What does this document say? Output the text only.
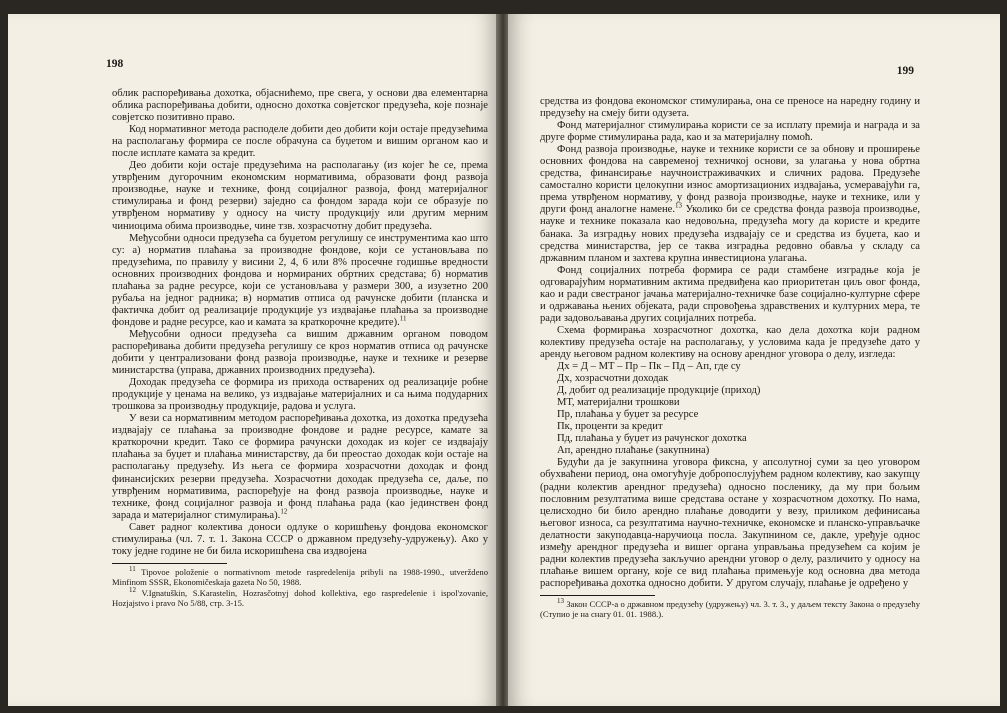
198

облик распоређивања дохотка, објаснићемо, пре свега, у основи два елементарна облика распоређивања добити, односно дохотка совјетског предузећа, које познаје совјетско позитивно право.

Код нормативног метода расподеле добити део добити који остаје предузећима на располагању формира се после обрачуна са буџетом и вишим органом као и после исплате камата за кредит.

Део добити који остаје предузећима на располагању (из којег ће се, према утврђеним дугорочним економским нормативима, образовати фонд развоја производње, науке и технике, фонд социјалног развоја, фонд материјалног стимулирања и фонд резерви) заједно са фондом зарада који се образује по утврђеном нормативу у односу на чисту продукцију или другим мерним чиниоцима обима производње, чине тзв. хозрасчотну добит предузећа.

Међусобни односи предузећа са буџетом регулишу се инструментима као што су: а) норматив плаћања за производне фондове, који се установљава по предузећима, по правилу у висини 2, 4, 6 или 8% просечне годишње вредности основних производних фондова и нормираних обртних средстава; б) норматив плаћања за радне ресурсе, који се установљава у размери 300, а изузетно 200 рубаља на једног радника; в) норматив отписа од рачунске добити (планска и фактичка добит од реализације продукције уз издвајање плаћања за производне фондове и радне ресурсе, као и камата за краткорочне кредите).$^{11}$

Међусобни односи предузећа са вишим државним органом поводом распоређивања добити предузећа регулишу се кроз норматив отписа од рачунске добити у централизовани фонд развоја производње, науке и технике и резерве министарства (управа, државних производних предузећа).

Доходак предузећа се формира из прихода остварених од реализације робне продукције у ценама на велико, уз издвајање материјалних и са њима подударних трошкова за производњу продукције, радова и услуга.

У вези са нормативним методом распоређивања дохотка, из дохотка предузећа издвајају се плаћања за производне фондове и радне ресурсе, камате за краткорочни кредит. Тако се формира рачунски доходак из којег се издвајају плаћања за буџет и плаћања министарству, да би преостао доходак који остаје на располагању предузећу. Из њега се формира хозрасчотни доходак и фонд финансијских резерви предузећа. Хозрасчотни доходак предузећа се, даље, по утврђеним нормативима, распоређује на фонд развоја производње, науке и технике, фонд социјалног развоја и фонд плаћања рада (као јединствен фонд зарада и материјалног стимулирања).$^{12}$

Савет радног колектива доноси одлуке о коришћењу фондова економског стимулирања (чл. 7. т. 1. Закона СССР о државном предузећу-удружењу). Ако у току једне године не би била искоришћена сва издвојена

$^{11}$ Tipovoe položenie o normativnom metode raspredelenija pribyli na 1988-1990., utverždeno Minfinom SSSR, Ekonomičeskaja gazeta No 50, 1988.

$^{12}$ V.Ignatuškin, S.Karastelin, Hozrasčotnyj dohod kollektiva, ego raspredelenie i ispol'zovanie, Hozjajstvo i pravo No 5/88, стр. 3-15.

199

средства из фондова економског стимулирања, она се преносе на наредну годину и предузећу на смеју бити одузета.

Фонд материјалног стимулирања користи се за исплату премија и награда и за друге форме стимулирања рада, као и за материјалну помоћ.

Фонд развоја производње, науке и технике користи се за обнову и проширење основних фондова на савременој техничкој основи, за улагања у нова обртна средства, финансирање научноистраживачких и сличних радова. Предузеће самостално користи целокупни износ амортизационих издвајања, усмеравајући га, према утврђеном нормативу, у фонд развоја производње, науке и технике, или у други фонд аналогне намене.$^{13}$ Уколико би се средства фонда развоја производње, науке и технике показала као недовољна, предузећа могу да користе и кредите банака. За изградњу нових предузећа издвајају се и средства из буџета, као и средства министарства, јер се таква изградња редовно обавља у складу са државним планом и захтева крупна инвестициона улагања.

Фонд социјалних потреба формира се ради стамбене изградње која је одговарајућим нормативним актима предвиђена као приоритетан циљ овог фонда, као и ради свестраног јачања материјално-техничке базе социјално-културне сфере и одржавања њених објеката, ради спровођења здравствених и културних мера, те ради задовољавања других социјалних потреба.

Схема формирања хозрасчотног дохотка, као дела дохотка који радном колективу предузећа остаје на располагању, у условима када је предузеће дато у аренду његовом радном колективу на основу арендног уговора о делу, изгледа:

Дх = Д – МТ – Пр – Пк – Пд – Ап, где су

Дх, хозрасчотни доходак

Д, добит од реализације продукције (приход)

МТ, материјални трошкови

Пр, плаћања у буџет за ресурсе

Пк, проценти за кредит

Пд, плаћања у буџет из рачунског дохотка

Ап, арендно плаћање (закупнина)

Будући да је закупнина уговора фиксна, у апсолутној суми за цео уговором обухваћени период, она омогућује добропослујућем радном колективу, као закупцу (радни колектив арендног предузећа) односно посленику, да му при бољим пословним резултатима више средстава остане у хозрасчотном дохотку. По нама, целисходно би било арендно плаћање доводити у везу, приликом дефинисања његовог износа, са резултатима научно-техничке, економске и планско-управљачке делатности закуподавца-наручиоца посла. Закупнином се, дакле, уређује однос између арендног предузећа и вишег органа управљања предузећем са којим је радни колектив предузећа закључио арендни уговор о делу, различито у односу на плаћање вишем органу, које се вид плаћања примењује код основна два метода распоређивања дохотка односно добити. У другом случају, плаћање је одређено у

$^{13}$ Закон СССР-а о државном предузећу (удружењу) чл. 3. т. 3., у даљем тексту Закона о предузећу (Ступио је на снагу 01. 01. 1988.).
